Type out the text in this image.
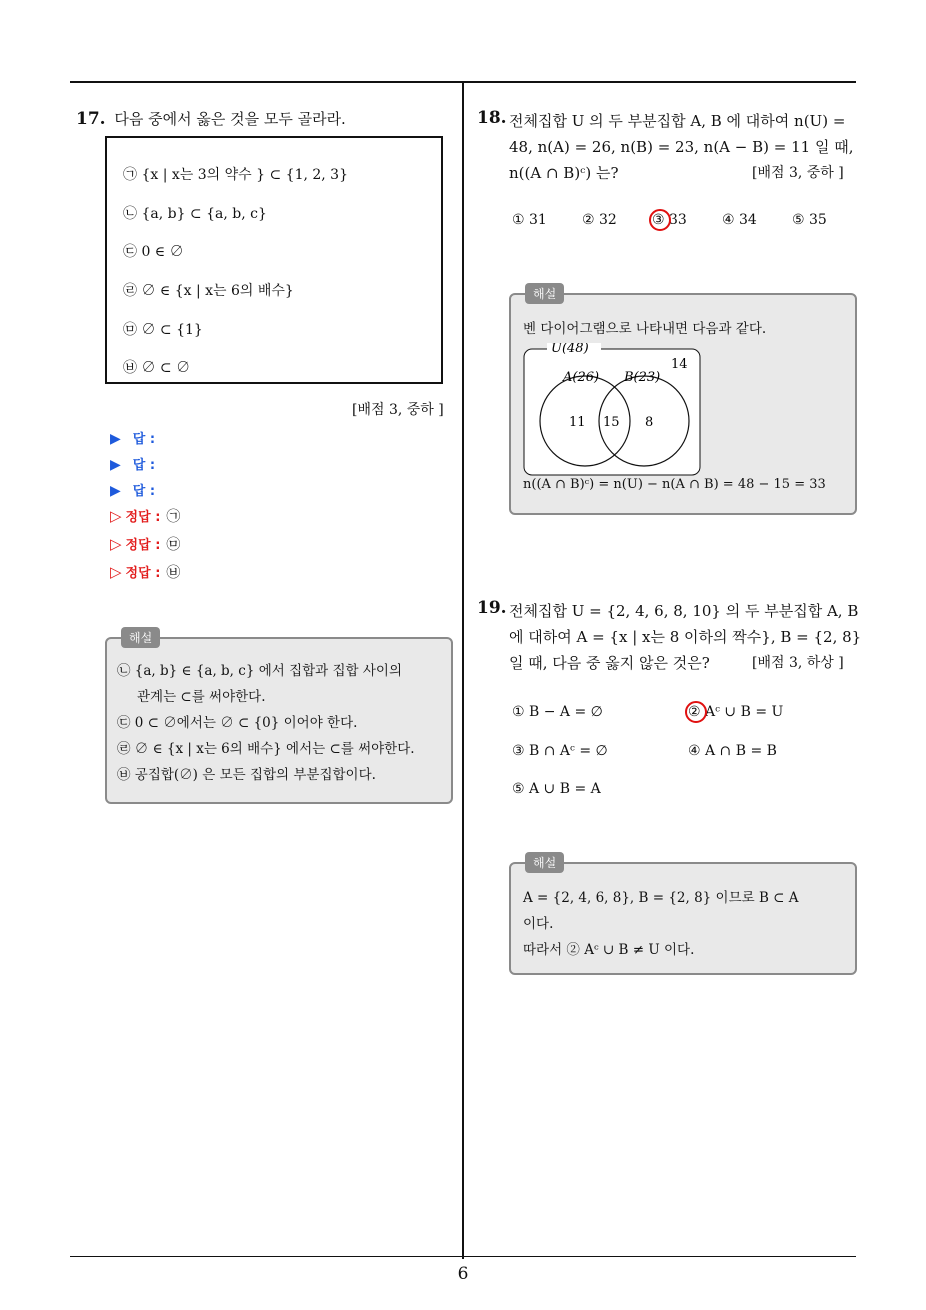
17. 다음 중에서 옳은 것을 모두 골라라.
㉠ {x | x는 3의 약수 } ⊂ {1, 2, 3}
㉡ {a, b} ⊂ {a, b, c}
㉢ 0 ∈ ∅
㉣ ∅ ∈ {x | x는 6의 배수}
㉤ ∅ ⊂ {1}
㉥ ∅ ⊂ ∅
[배점 3, 중하 ]
▶ 답 :
▶ 답 :
▶ 답 :
▷ 정답 : ㉠
▷ 정답 : ㉤
▷ 정답 : ㉥
해설
㉡ {a, b} ∈ {a, b, c} 에서 집합과 집합 사이의
관계는 ⊂를 써야한다.
㉢ 0 ⊂ ∅에서는 ∅ ⊂ {0} 이어야 한다.
㉣ ∅ ∈ {x | x는 6의 배수} 에서는 ⊂를 써야한다.
㉥ 공집합(∅) 은 모든 집합의 부분집합이다.
18. 전체집합 U 의 두 부분집합 A, B 에 대하여 n(U) =
48, n(A) = 26, n(B) = 23, n(A − B) = 11 일 때,
n((A ∩ B)ᶜ) 는?	[배점 3, 중하 ]
① 31	② 32	③ 33	④ 34	⑤ 35
해설
벤 다이어그램으로 나타내면 다음과 같다.
U(48)
14
A(26) B(23)
11 15 8
n((A ∩ B)ᶜ) = n(U) − n(A ∩ B) = 48 − 15 = 33
19. 전체집합 U = {2, 4, 6, 8, 10} 의 두 부분집합 A, B
에 대하여 A = {x | x는 8 이하의 짝수}, B = {2, 8}
일 때, 다음 중 옳지 않은 것은?	[배점 3, 하상 ]
① B − A = ∅	② Aᶜ ∪ B = U
③ B ∩ Aᶜ = ∅	④ A ∩ B = B
⑤ A ∪ B = A
해설
A = {2, 4, 6, 8}, B = {2, 8} 이므로 B ⊂ A
이다.
따라서 ② Aᶜ ∪ B ≠ U 이다.
6
